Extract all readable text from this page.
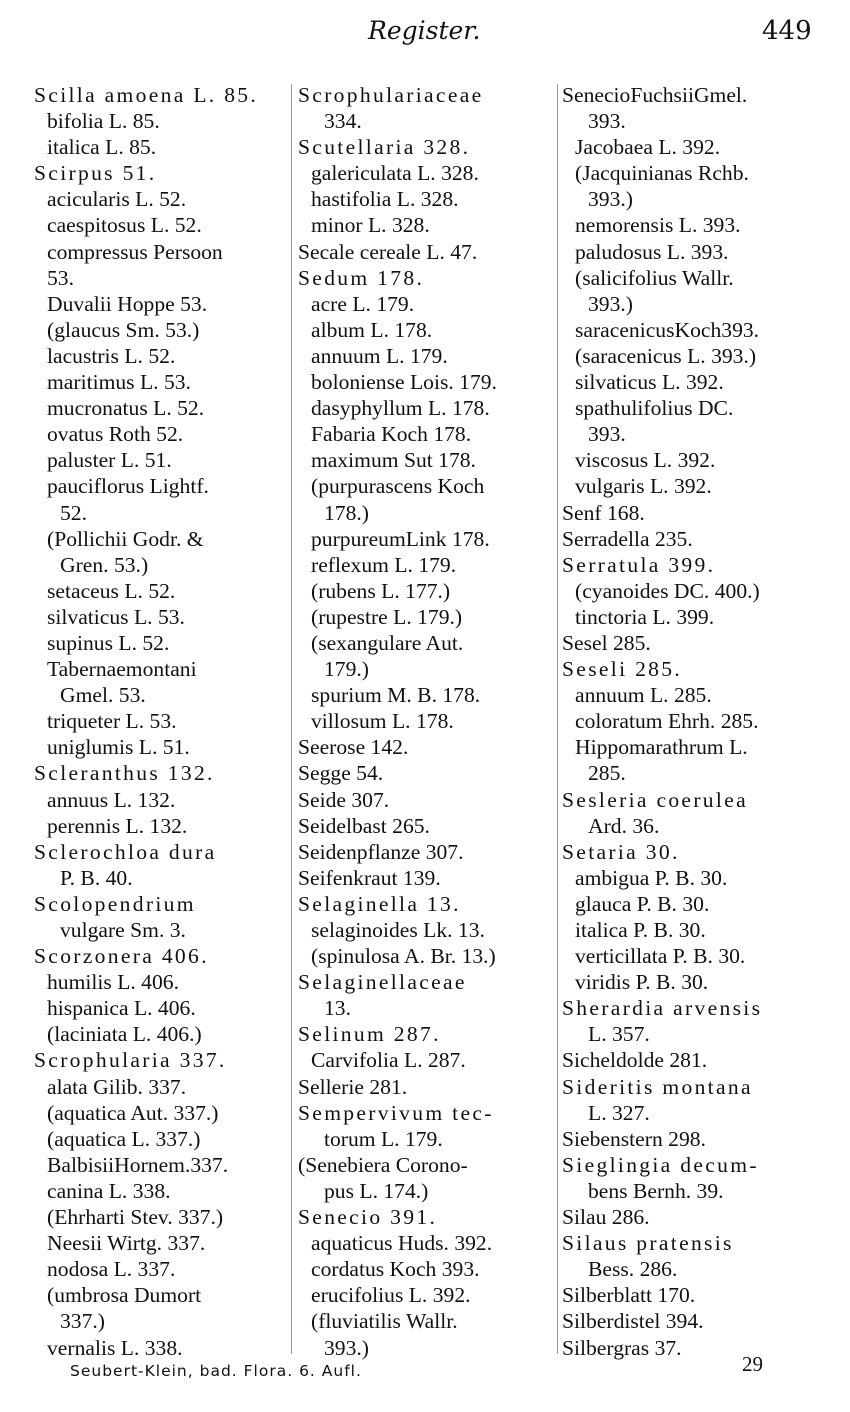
Register.	449
Scilla amoena L. 85.
bifolia L. 85.
italica L. 85.
Scirpus 51.
acicularis L. 52.
caespitosus L. 52.
compressus Persoon
53.
Duvalii Hoppe 53.
(glaucus Sm. 53.)
lacustris L. 52.
maritimus L. 53.
mucronatus L. 52.
ovatus Roth 52.
paluster L. 51.
pauciflorus Lightf.
52.
(Pollichii Godr. &
Gren. 53.)
setaceus L. 52.
silvaticus L. 53.
supinus L. 52.
Tabernaemontani
Gmel. 53.
triqueter L. 53.
uniglumis L. 51.
Scleranthus 132.
annuus L. 132.
perennis L. 132.
Sclerochloa dura
P. B. 40.
Scolopendrium
vulgare Sm. 3.
Scorzonera 406.
humilis L. 406.
hispanica L. 406.
(laciniata L. 406.)
Scrophularia 337.
alata Gilib. 337.
(aquatica Aut. 337.)
(aquatica L. 337.)
BalbisiiHornem.337.
canina L. 338.
(Ehrharti Stev. 337.)
Neesii Wirtg. 337.
nodosa L. 337.
(umbrosa Dumort
337.)
vernalis L. 338.
Scrophulariaceae
334.
Scutellaria 328.
galericulata L. 328.
hastifolia L. 328.
minor L. 328.
Secale cereale L. 47.
Sedum 178.
acre L. 179.
album L. 178.
annuum L. 179.
boloniense Lois. 179.
dasyphyllum L. 178.
Fabaria Koch 178.
maximum Sut 178.
(purpurascens Koch
178.)
purpureumLink 178.
reflexum L. 179.
(rubens L. 177.)
(rupestre L. 179.)
(sexangulare Aut.
179.)
spurium M. B. 178.
villosum L. 178.
Seerose 142.
Segge 54.
Seide 307.
Seidelbast 265.
Seidenpflanze 307.
Seifenkraut 139.
Selaginella 13.
selaginoides Lk. 13.
(spinulosa A. Br. 13.)
Selaginellaceae
13.
Selinum 287.
Carvifolia L. 287.
Sellerie 281.
Sempervivum tec-
torum L. 179.
(Senebiera Corono-
pus L. 174.)
Senecio 391.
aquaticus Huds. 392.
cordatus Koch 393.
erucifolius L. 392.
(fluviatilis Wallr.
393.)
SenecioFuchsiiGmel.
393.
Jacobaea L. 392.
(Jacquinianas Rchb.
393.)
nemorensis L. 393.
paludosus L. 393.
(salicifolius Wallr.
393.)
saracenicusKoch393.
(saracenicus L. 393.)
silvaticus L. 392.
spathulifolius DC.
393.
viscosus L. 392.
vulgaris L. 392.
Senf 168.
Serradella 235.
Serratula 399.
(cyanoides DC. 400.)
tinctoria L. 399.
Sesel 285.
Seseli 285.
annuum L. 285.
coloratum Ehrh. 285.
Hippomarathrum L.
285.
Sesleria coerulea
Ard. 36.
Setaria 30.
ambigua P. B. 30.
glauca P. B. 30.
italica P. B. 30.
verticillata P. B. 30.
viridis P. B. 30.
Sherardia arvensis
L. 357.
Sicheldolde 281.
Sideritis montana
L. 327.
Siebenstern 298.
Sieglingia decum-
bens Bernh. 39.
Silau 286.
Silaus pratensis
Bess. 286.
Silberblatt 170.
Silberdistel 394.
Silbergras 37.
Seubert-Klein, bad. Flora. 6. Aufl.	29
